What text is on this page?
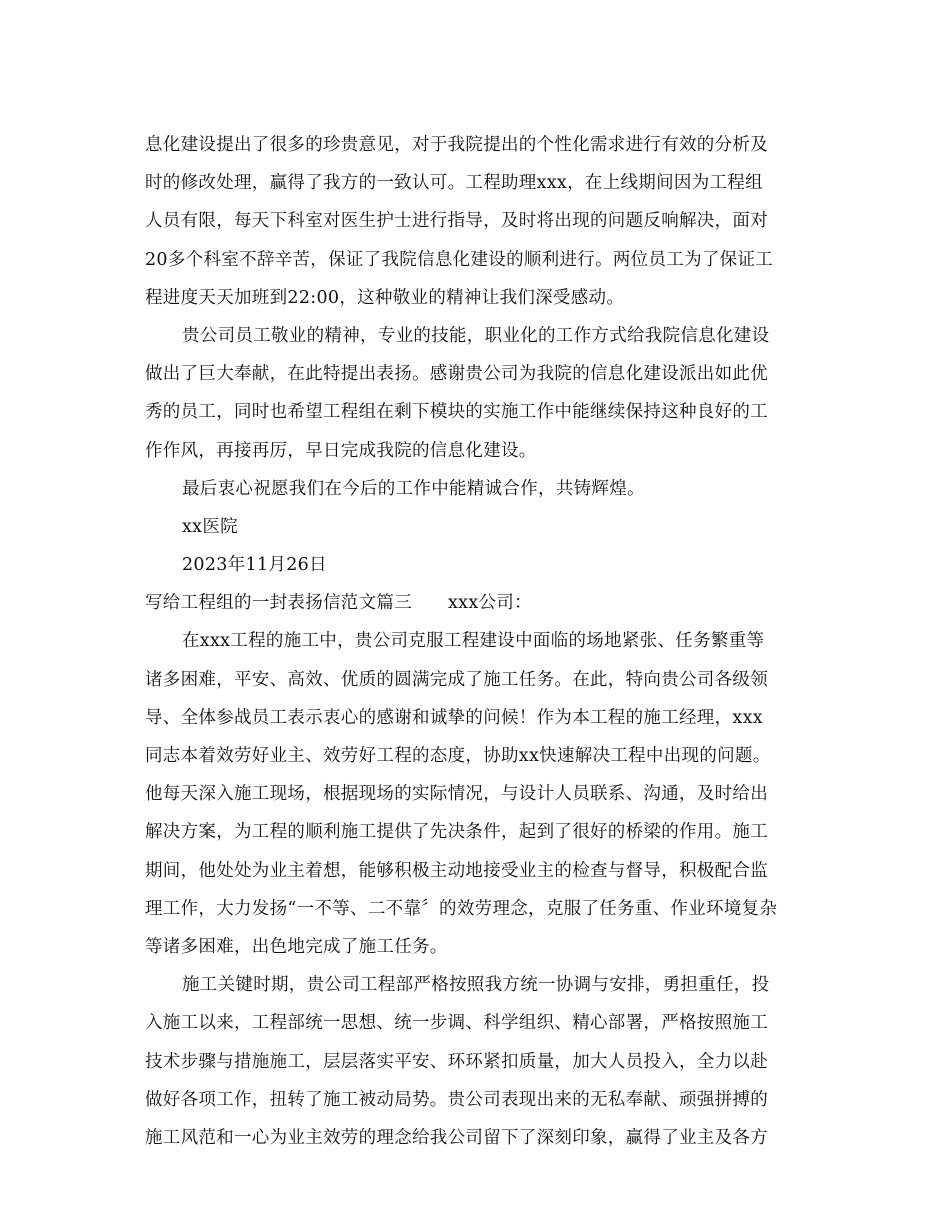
息化建设提出了很多的珍贵意见，对于我院提出的个性化需求进行有效的分析及
时的修改处理，赢得了我方的一致认可。工程助理xxx，在上线期间因为工程组
人员有限，每天下科室对医生护士进行指导，及时将出现的问题反响解决，面对
20多个科室不辞辛苦，保证了我院信息化建设的顺利进行。两位员工为了保证工
程进度天天加班到22:00，这种敬业的精神让我们深受感动。
贵公司员工敬业的精神，专业的技能，职业化的工作方式给我院信息化建设
做出了巨大奉献，在此特提出表扬。感谢贵公司为我院的信息化建设派出如此优
秀的员工，同时也希望工程组在剩下模块的实施工作中能继续保持这种良好的工
作作风，再接再厉，早日完成我院的信息化建设。
最后衷心祝愿我们在今后的工作中能精诚合作，共铸辉煌。
xx医院
2023年11月26日
写给工程组的一封表扬信范文篇三 xxx公司：
在xxx工程的施工中，贵公司克服工程建设中面临的场地紧张、任务繁重等
诸多困难，平安、高效、优质的圆满完成了施工任务。在此，特向贵公司各级领
导、全体参战员工表示衷心的感谢和诚挚的问候！作为本工程的施工经理，xxx
同志本着效劳好业主、效劳好工程的态度，协助xx快速解决工程中出现的问题。
他每天深入施工现场，根据现场的实际情况，与设计人员联系、沟通，及时给出
解决方案，为工程的顺利施工提供了先决条件，起到了很好的桥梁的作用。施工
期间，他处处为业主着想，能够积极主动地接受业主的检查与督导，积极配合监
理工作，大力发扬“一不等、二不靠〞的效劳理念，克服了任务重、作业环境复杂
等诸多困难，出色地完成了施工任务。
施工关键时期，贵公司工程部严格按照我方统一协调与安排，勇担重任，投
入施工以来，工程部统一思想、统一步调、科学组织、精心部署，严格按照施工
技术步骤与措施施工，层层落实平安、环环紧扣质量，加大人员投入，全力以赴
做好各项工作，扭转了施工被动局势。贵公司表现出来的无私奉献、顽强拼搏的
施工风范和一心为业主效劳的理念给我公司留下了深刻印象，赢得了业主及各方
